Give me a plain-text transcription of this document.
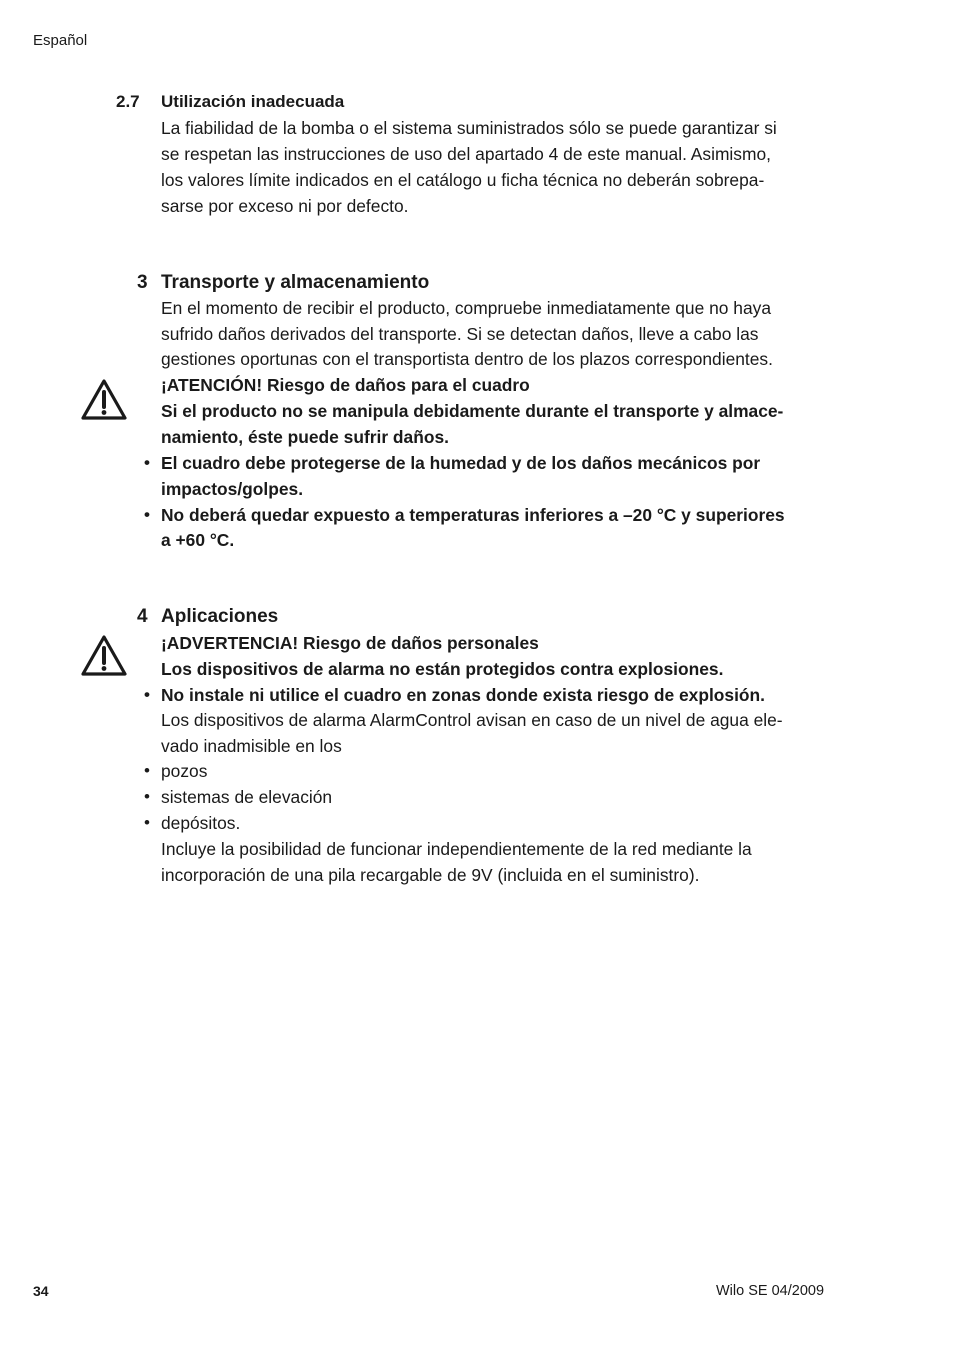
Español
2.7 Utilización inadecuada
La fiabilidad de la bomba o el sistema suministrados sólo se puede garantizar si
se respetan las instrucciones de uso del apartado 4 de este manual. Asimismo,
los valores límite indicados en el catálogo u ficha técnica no deberán sobrepa-
sarse por exceso ni por defecto.
3 Transporte y almacenamiento
En el momento de recibir el producto, compruebe inmediatamente que no haya
sufrido daños derivados del transporte. Si se detectan daños, lleve a cabo las
gestiones oportunas con el transportista dentro de los plazos correspondientes.
¡ATENCIÓN! Riesgo de daños para el cuadro
Si el producto no se manipula debidamente durante el transporte y almace-
namiento, éste puede sufrir daños.
• El cuadro debe protegerse de la humedad y de los daños mecánicos por
impactos/golpes.
• No deberá quedar expuesto a temperaturas inferiores a –20 °C y superiores
a +60 °C.
4 Aplicaciones
¡ADVERTENCIA! Riesgo de daños personales
Los dispositivos de alarma no están protegidos contra explosiones.
• No instale ni utilice el cuadro en zonas donde exista riesgo de explosión.
Los dispositivos de alarma AlarmControl avisan en caso de un nivel de agua ele-
vado inadmisible en los
• pozos
• sistemas de elevación
• depósitos.
Incluye la posibilidad de funcionar independientemente de la red mediante la
incorporación de una pila recargable de 9V (incluida en el suministro).
34	Wilo SE 04/2009
